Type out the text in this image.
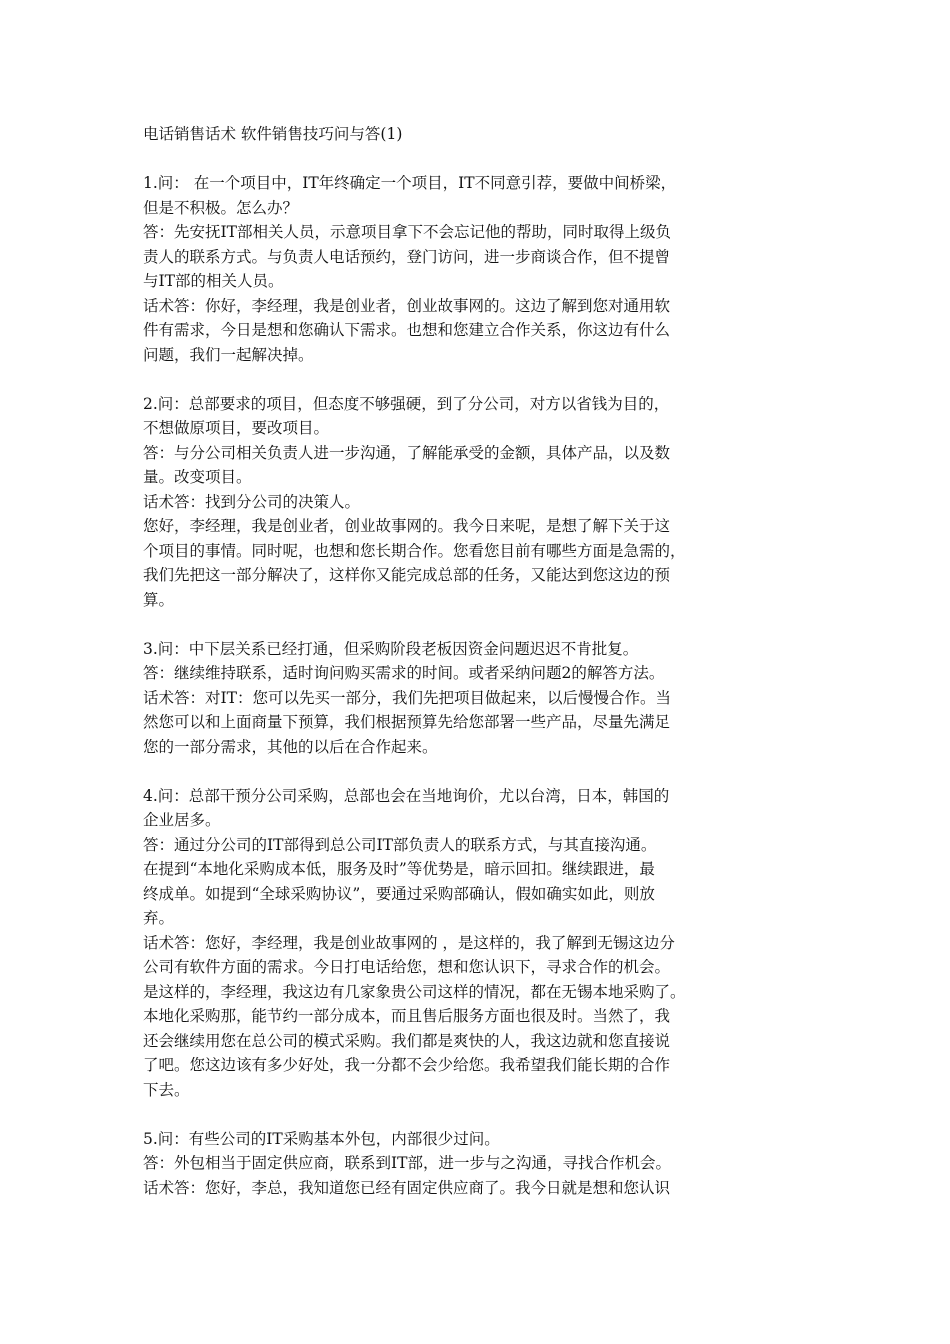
电话销售话术 软件销售技巧问与答(1)
1.问： 在一个项目中，IT年终确定一个项目，IT不同意引荐，要做中间桥梁，
但是不积极。怎么办？
答：先安抚IT部相关人员，示意项目拿下不会忘记他的帮助，同时取得上级负
责人的联系方式。与负责人电话预约，登门访问，进一步商谈合作，但不提曾
与IT部的相关人员。
话术答：你好，李经理，我是创业者，创业故事网的。这边了解到您对通用软
件有需求，今日是想和您确认下需求。也想和您建立合作关系，你这边有什么
问题，我们一起解决掉。
2.问：总部要求的项目，但态度不够强硬，到了分公司，对方以省钱为目的，
不想做原项目，要改项目。
答：与分公司相关负责人进一步沟通，了解能承受的金额，具体产品，以及数
量。改变项目。
话术答：找到分公司的决策人。
您好，李经理，我是创业者，创业故事网的。我今日来呢，是想了解下关于这
个项目的事情。同时呢，也想和您长期合作。您看您目前有哪些方面是急需的，
我们先把这一部分解决了，这样你又能完成总部的任务，又能达到您这边的预
算。
3.问：中下层关系已经打通，但采购阶段老板因资金问题迟迟不肯批复。
答：继续维持联系，适时询问购买需求的时间。或者采纳问题2的解答方法。
话术答：对IT：您可以先买一部分，我们先把项目做起来，以后慢慢合作。当
然您可以和上面商量下预算，我们根据预算先给您部署一些产品，尽量先满足
您的一部分需求，其他的以后在合作起来。
4.问：总部干预分公司采购，总部也会在当地询价，尤以台湾，日本，韩国的
企业居多。
答：通过分公司的IT部得到总公司IT部负责人的联系方式，与其直接沟通。
在提到“本地化采购成本低，服务及时”等优势是，暗示回扣。继续跟进，最
终成单。如提到“全球采购协议”，要通过采购部确认，假如确实如此，则放
弃。
话术答：您好，李经理，我是创业故事网的 ，是这样的，我了解到无锡这边分
公司有软件方面的需求。今日打电话给您，想和您认识下，寻求合作的机会。
是这样的，李经理，我这边有几家象贵公司这样的情况，都在无锡本地采购了。
本地化采购那，能节约一部分成本，而且售后服务方面也很及时。当然了，我
还会继续用您在总公司的模式采购。我们都是爽快的人，我这边就和您直接说
了吧。您这边该有多少好处，我一分都不会少给您。我希望我们能长期的合作
下去。
5.问：有些公司的IT采购基本外包，内部很少过问。
答：外包相当于固定供应商，联系到IT部，进一步与之沟通，寻找合作机会。
话术答：您好，李总，我知道您已经有固定供应商了。我今日就是想和您认识
